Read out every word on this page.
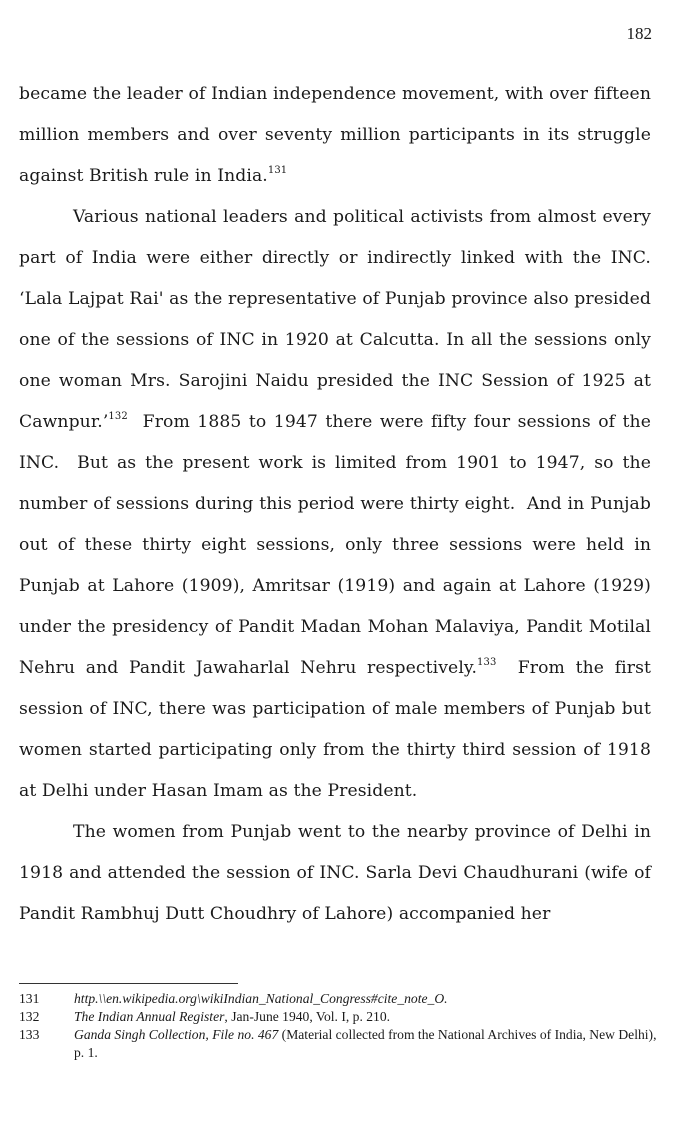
182

became the leader of Indian independence movement, with over fifteen million members and over seventy million participants in its struggle against British rule in India.$^{131}$

Various national leaders and political activists from almost every part of India were either directly or indirectly linked with the INC. ‘Lala Lajpat Rai' as the representative of Punjab province also presided one of the sessions of INC in 1920 at Calcutta. In all the sessions only one woman Mrs. Sarojini Naidu presided the INC Session of 1925 at Cawnpur.’$^{132}$  From 1885 to 1947 there were fifty four sessions of the INC.  But as the present work is limited from 1901 to 1947, so the number of sessions during this period were thirty eight.  And in Punjab out of these thirty eight sessions, only three sessions were held in Punjab at Lahore (1909), Amritsar (1919) and again at Lahore (1929) under the presidency of Pandit Madan Mohan Malaviya, Pandit Motilal Nehru and Pandit Jawaharlal Nehru respectively.$^{133}$  From the first session of INC, there was participation of male members of Punjab but women started participating only from the thirty third session of 1918 at Delhi under Hasan Imam as the President.

The women from Punjab went to the nearby province of Delhi in 1918 and attended the session of INC. Sarla Devi Chaudhurani (wife of Pandit Rambhuj Dutt Choudhry of Lahore) accompanied her

131	http.\\en.wikipedia.org\wikiIndian_National_Congress#cite_note_O.
132	The Indian Annual Register, Jan-June 1940, Vol. I, p. 210.
133	Ganda Singh Collection, File no. 467 (Material collected from the National Archives of India, New Delhi), p. 1.
